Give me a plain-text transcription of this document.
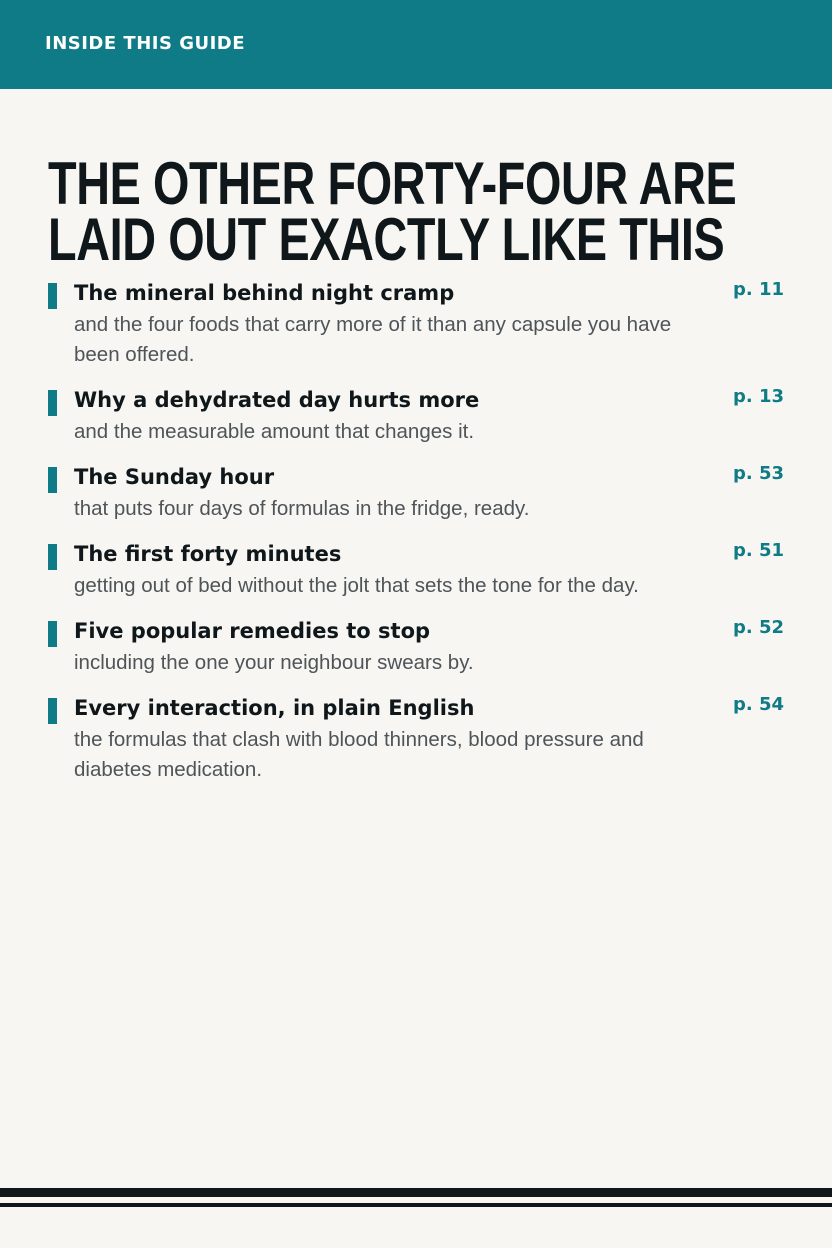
INSIDE THIS GUIDE
THE OTHER FORTY-FOUR ARE LAID OUT EXACTLY LIKE THIS
The mineral behind night cramp
and the four foods that carry more of it than any capsule you have been offered.
p. 11
Why a dehydrated day hurts more
and the measurable amount that changes it.
p. 13
The Sunday hour
that puts four days of formulas in the fridge, ready.
p. 53
The first forty minutes
getting out of bed without the jolt that sets the tone for the day.
p. 51
Five popular remedies to stop
including the one your neighbour swears by.
p. 52
Every interaction, in plain English
the formulas that clash with blood thinners, blood pressure and diabetes medication.
p. 54
